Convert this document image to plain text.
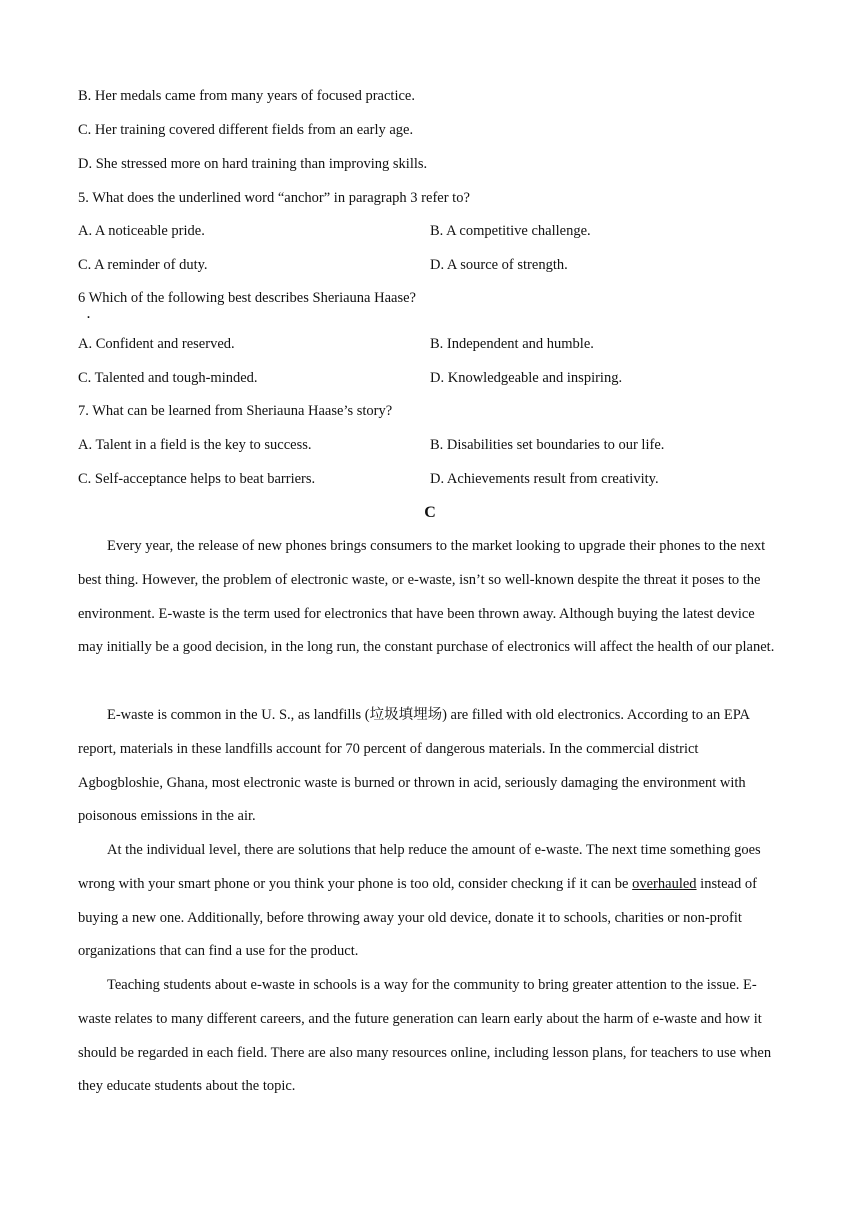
B. Her medals came from many years of focused practice.
C. Her training covered different fields from an early age.
D. She stressed more on hard training than improving skills.
5. What does the underlined word “anchor” in paragraph 3 refer to?
A. A noticeable pride.	B. A competitive challenge.
C. A reminder of duty.	D. A source of strength.
6 Which of the following best describes Sheriauna Haase?
.
A. Confident and reserved.	B. Independent and humble.
C. Talented and tough-minded.	D. Knowledgeable and inspiring.
7. What can be learned from Sheriauna Haase’s story?
A. Talent in a field is the key to success.	B. Disabilities set boundaries to our life.
C. Self-acceptance helps to beat barriers.	D. Achievements result from creativity.
C
Every year, the release of new phones brings consumers to the market looking to upgrade their phones to the next best thing. However, the problem of electronic waste, or e-waste, isn’t so well-known despite the threat it poses to the environment. E-waste is the term used for electronics that have been thrown away. Although buying the latest device may initially be a good decision, in the long run, the constant purchase of electronics will affect the health of our planet.
E-waste is common in the U. S., as landfills (垃圾填埋场) are filled with old electronics. According to an EPA report, materials in these landfills account for 70 percent of dangerous materials. In the commercial district Agbogbloshie, Ghana, most electronic waste is burned or thrown in acid, seriously damaging the environment with poisonous emissions in the air.
At the individual level, there are solutions that help reduce the amount of e-waste. The next time something goes wrong with your smart phone or you think your phone is too old, consider checkıng if it can be overhauled instead of buying a new one. Additionally, before throwing away your old device, donate it to schools, charities or non-profit organizations that can find a use for the product.
Teaching students about e-waste in schools is a way for the community to bring greater attention to the issue. E-waste relates to many different careers, and the future generation can learn early about the harm of e-waste and how it should be regarded in each field. There are also many resources online, including lesson plans, for teachers to use when they educate students about the topic.
